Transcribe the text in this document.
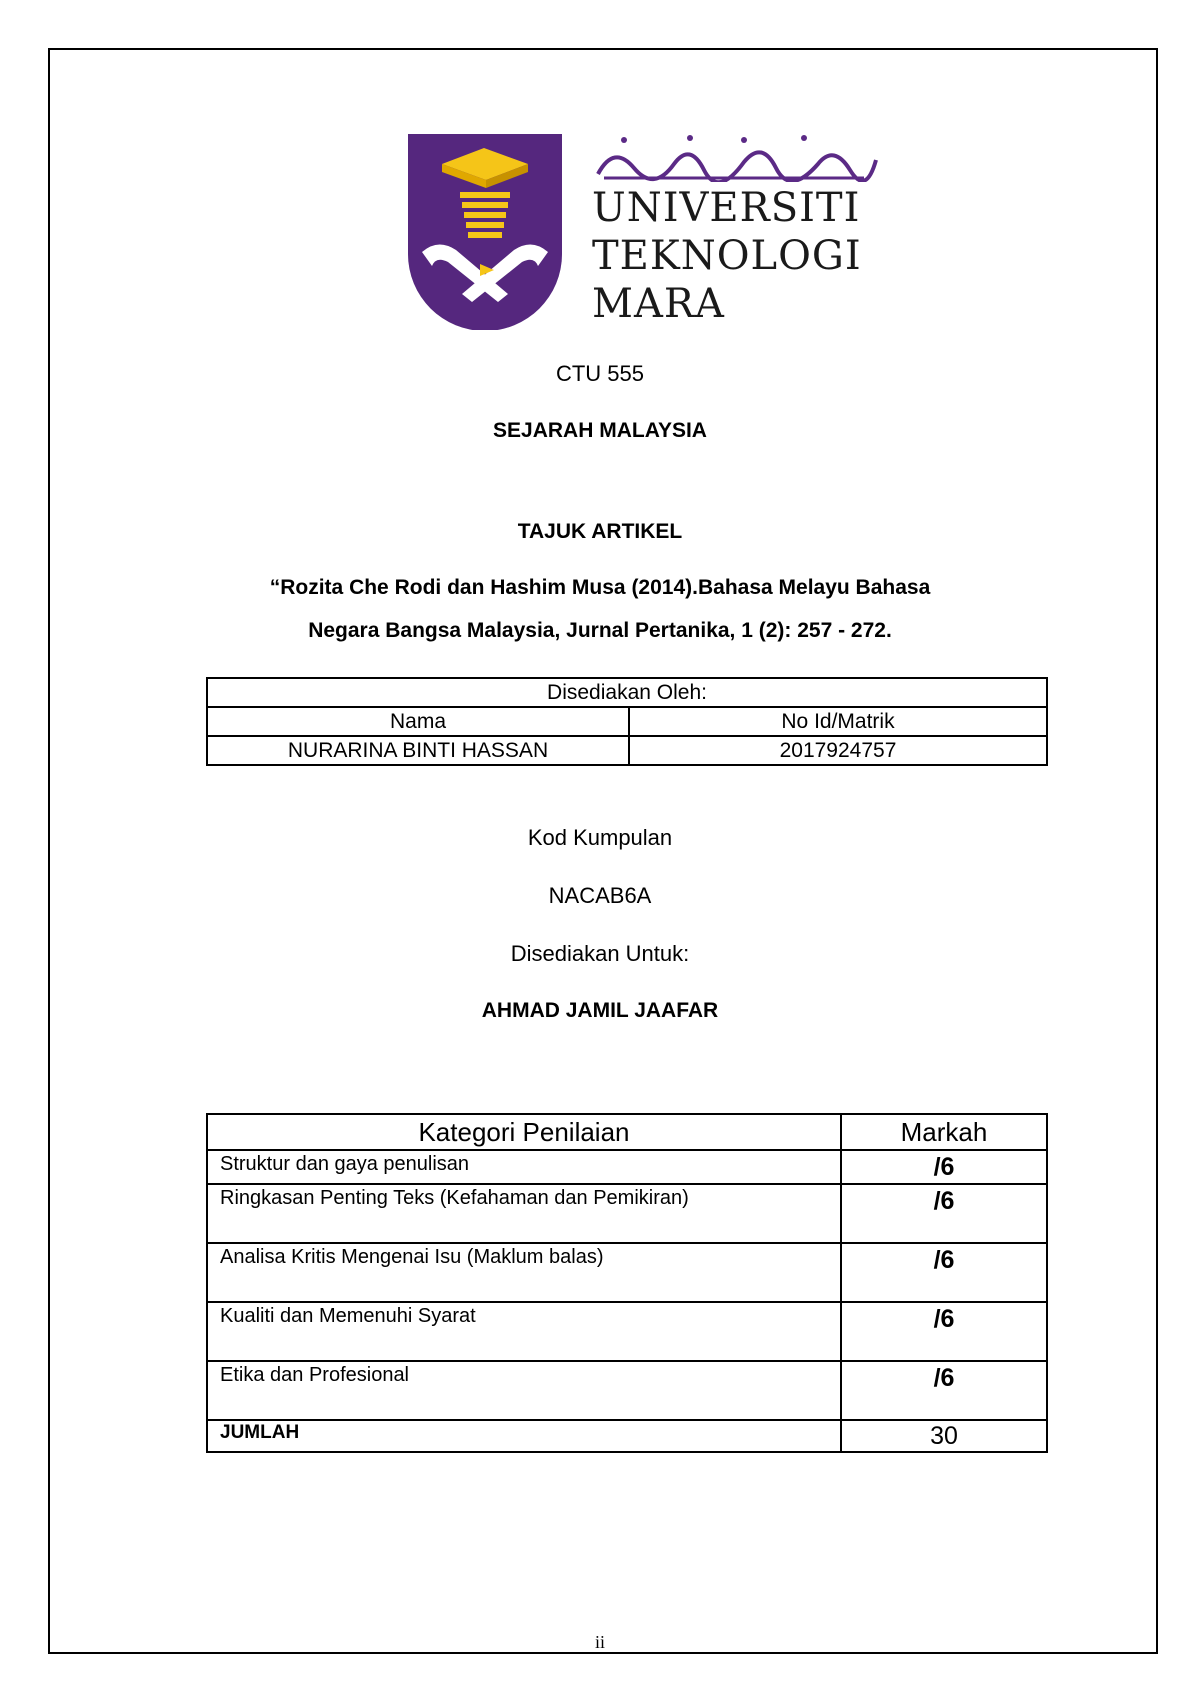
UNIVERSITI
TEKNOLOGI
MARA
CTU 555
SEJARAH MALAYSIA
TAJUK ARTIKEL
“Rozita Che Rodi dan Hashim Musa (2014).Bahasa Melayu Bahasa
Negara Bangsa Malaysia, Jurnal Pertanika, 1 (2): 257 - 272.
Disediakan Oleh:	
Nama	No Id/Matrik
NURARINA BINTI HASSAN	2017924757
Kod Kumpulan
NACAB6A
Disediakan Untuk:
AHMAD JAMIL JAAFAR
Kategori Penilaian	Markah
Struktur dan gaya penulisan	/6
Ringkasan Penting Teks (Kefahaman dan Pemikiran)	/6
Analisa Kritis Mengenai Isu (Maklum balas)	/6
Kualiti dan Memenuhi Syarat	/6
Etika dan Profesional	/6
JUMLAH	30
ii
